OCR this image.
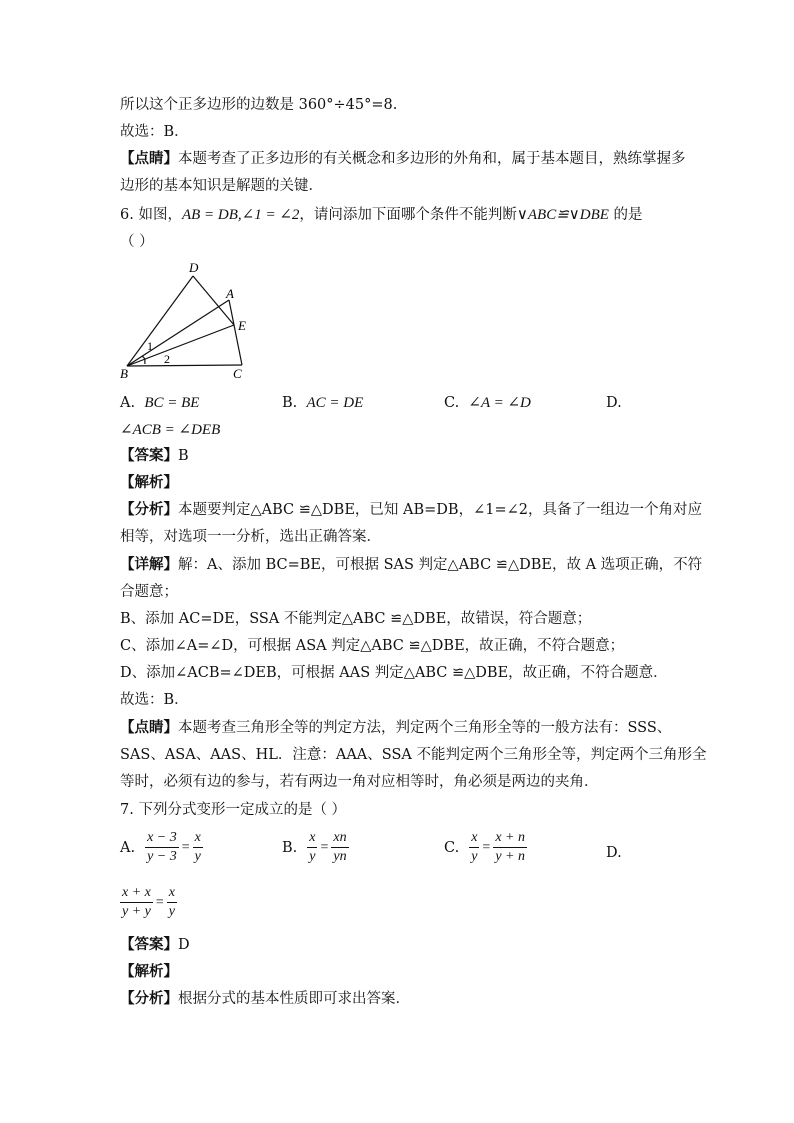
所以这个正多边形的边数是 360°÷45°=8.
故选：B．
【点睛】本题考查了正多边形的有关概念和多边形的外角和，属于基本题目，熟练掌握多
边形的基本知识是解题的关键．
6. 如图，AB = DB,∠1 = ∠2，请问添加下面哪个条件不能判断∨ABC≌∨DBE 的是
（ ）
D
A
E
B	C
1
2
A. BC = BE	B. AC = DE	C. ∠A = ∠D	D.
∠ACB = ∠DEB
【答案】B
【解析】
【分析】本题要判定△ABC ≌△DBE，已知 AB=DB，∠1=∠2，具备了一组边一个角对应
相等，对选项一一分析，选出正确答案．
【详解】解：A、添加 BC=BE，可根据 SAS 判定△ABC ≌△DBE，故 A 选项正确，不符
合题意；
B、添加 AC=DE，SSA 不能判定△ABC ≌△DBE，故错误，符合题意；
C、添加∠A=∠D，可根据 ASA 判定△ABC ≌△DBE，故正确，不符合题意；
D、添加∠ACB=∠DEB，可根据 AAS 判定△ABC ≌△DBE，故正确，不符合题意．
故选：B．
【点睛】本题考查三角形全等的判定方法，判定两个三角形全等的一般方法有：SSS、
SAS、ASA、AAS、HL．注意：AAA、SSA 不能判定两个三角形全等，判定两个三角形全
等时，必须有边的参与，若有两边一角对应相等时，角必须是两边的夹角．
7. 下列分式变形一定成立的是（ ）
A. $\frac{x - 3}{y - 3} = \frac{x}{y}$	B. $\frac{x}{y} = \frac{xn}{yn}$	C. $\frac{x}{y} = \frac{x + n}{y + n}$	D.
$\frac{x + x}{y + y} = \frac{x}{y}$
【答案】D
【解析】
【分析】根据分式的基本性质即可求出答案．
